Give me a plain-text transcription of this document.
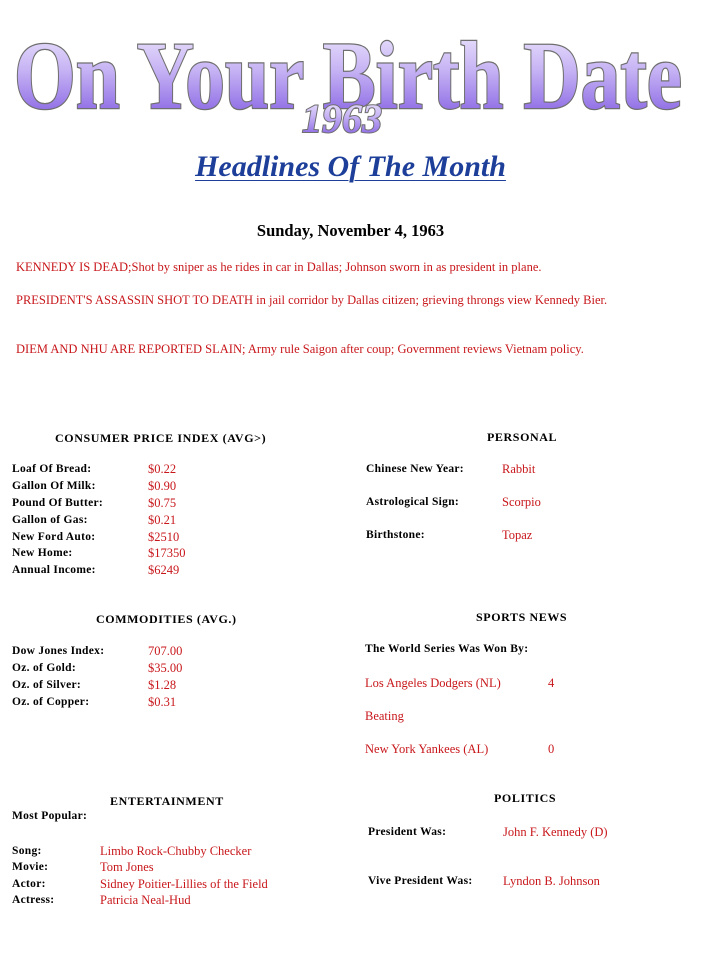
On Your Birth Date
1963
Headlines Of The Month
Sunday, November 4, 1963
KENNEDY IS DEAD;Shot by sniper as he rides in car in Dallas; Johnson sworn in as president in plane.
PRESIDENT'S ASSASSIN SHOT TO DEATH in jail corridor by Dallas citizen; grieving throngs view Kennedy Bier.
DIEM AND NHU ARE REPORTED SLAIN; Army rule Saigon after coup; Government reviews Vietnam policy.
CONSUMER PRICE INDEX (AVG>)
Loaf Of Bread:	$0.22
Gallon Of Milk:	$0.90
Pound Of Butter:	$0.75
Gallon of Gas:	$0.21
New Ford Auto:	$2510
New Home:	$17350
Annual Income:	$6249
PERSONAL
Chinese New Year:	Rabbit
Astrological Sign:	Scorpio
Birthstone:	Topaz
COMMODITIES (AVG.)
Dow Jones Index:	707.00
Oz. of Gold:	$35.00
Oz. of Silver:	$1.28
Oz. of Copper:	$0.31
SPORTS NEWS
The World Series Was Won By:
Los Angeles Dodgers (NL)	4
Beating
New York Yankees (AL)	0
ENTERTAINMENT
Most Popular:
Song:	Limbo Rock-Chubby Checker
Movie:	Tom Jones
Actor:	Sidney Poitier-Lillies of the Field
Actress:	Patricia Neal-Hud
POLITICS
President Was:	John F. Kennedy (D)
Vive President Was: Lyndon B. Johnson
